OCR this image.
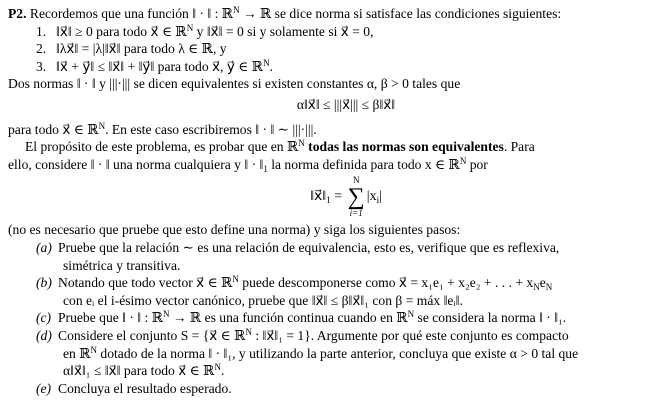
P2. Recordemos que una función ‖ · ‖ : ℝ$^N$ → ℝ se dice norma si satisface las condiciones siguientes:
1. ‖x⃗‖ ≥ 0 para todo x⃗ ∈ ℝ$^N$ y ‖x⃗‖ = 0 si y solamente si x⃗ = 0,
2. ‖λx⃗‖ = |λ|‖x⃗‖ para todo λ ∈ ℝ, y
3. ‖x⃗ + y⃗‖ ≤ ‖x⃗‖ + ‖y⃗‖ para todo x⃗, y⃗ ∈ ℝ$^N$.
Dos normas ‖ · ‖ y |||·||| se dicen equivalentes si existen constantes α, β > 0 tales que
α‖x⃗‖ ≤ |||x⃗||| ≤ β‖x⃗‖
para todo x⃗ ∈ ℝ$^N$. En este caso escribiremos ‖ · ‖ ∼ |||·|||.
El propósito de este problema, es probar que en ℝ$^N$ todas las normas son equivalentes. Para
ello, considere ‖ · ‖ una norma cualquiera y ‖ · $‖_1$ la norma definida para todo x ∈ ℝ$^N$ por
$‖x⃗‖_1$ =
N
∑
i=1
$|x_i|$
(no es necesario que pruebe que esto define una norma) y siga los siguientes pasos:
(a) Pruebe que la relación ∼ es una relación de equivalencia, esto es, verifique que es reflexiva,
simétrica y transitiva.
(b) Notando que todo vector x⃗ ∈ ℝ$^N$ puede descomponerse como x⃗ = x₁e₁ + x₂e₂ + . . . + $x_Ne_N$
con eᵢ el i-ésimo vector canónico, pruebe que ‖x⃗‖ ≤ β‖x⃗‖₁ con β = máx ‖eᵢ‖.
(c) Pruebe que ‖ · ‖ : ℝ$^N$ → ℝ es una función continua cuando en ℝ$^N$ se considera la norma ‖ · ‖₁.
(d) Considere el conjunto S = {x⃗ ∈ ℝ$^N$ : ‖x⃗‖₁ = 1}. Argumente por qué este conjunto es compacto
en ℝ$^N$ dotado de la norma ‖ · ‖₁, y utilizando la parte anterior, concluya que existe α > 0 tal que
α‖x⃗‖₁ ≤ ‖x⃗‖ para todo x⃗ ∈ ℝ$^N$.
(e) Concluya el resultado esperado.
